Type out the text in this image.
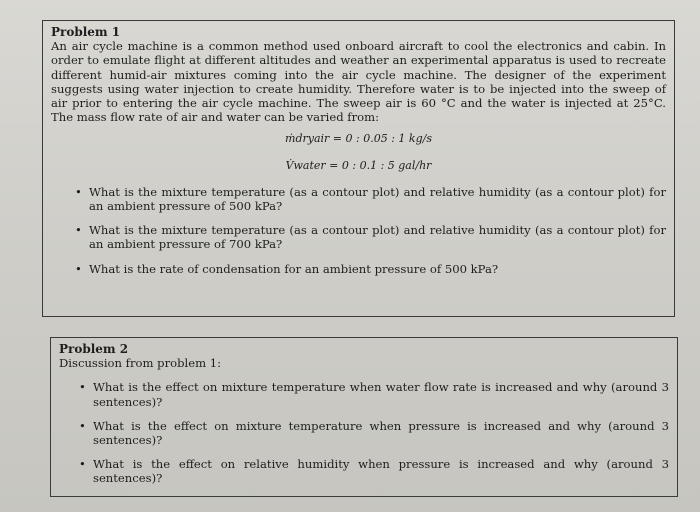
Problem 1
An air cycle machine is a common method used onboard aircraft to cool the electronics and cabin. In order to emulate flight at different altitudes and weather an experimental apparatus is used to recreate different humid-air mixtures coming into the air cycle machine. The designer of the experiment suggests using water injection to create humidity. Therefore water is to be injected into the sweep of air prior to entering the air cycle machine. The sweep air is 60 °C and the water is injected at 25°C. The mass flow rate of air and water can be varied from:
ṁdryair = 0 : 0.05 : 1 kg/s
V̇water = 0 : 0.1 : 5 gal/hr
• What is the mixture temperature (as a contour plot) and relative humidity (as a contour plot) for an ambient pressure of 500 kPa?
• What is the mixture temperature (as a contour plot) and relative humidity (as a contour plot) for an ambient pressure of 700 kPa?
• What is the rate of condensation for an ambient pressure of 500 kPa?
Problem 2
Discussion from problem 1:
• What is the effect on mixture temperature when water flow rate is increased and why (around 3 sentences)?
• What is the effect on mixture temperature when pressure is increased and why (around 3 sentences)?
• What is the effect on relative humidity when pressure is increased and why (around 3 sentences)?
